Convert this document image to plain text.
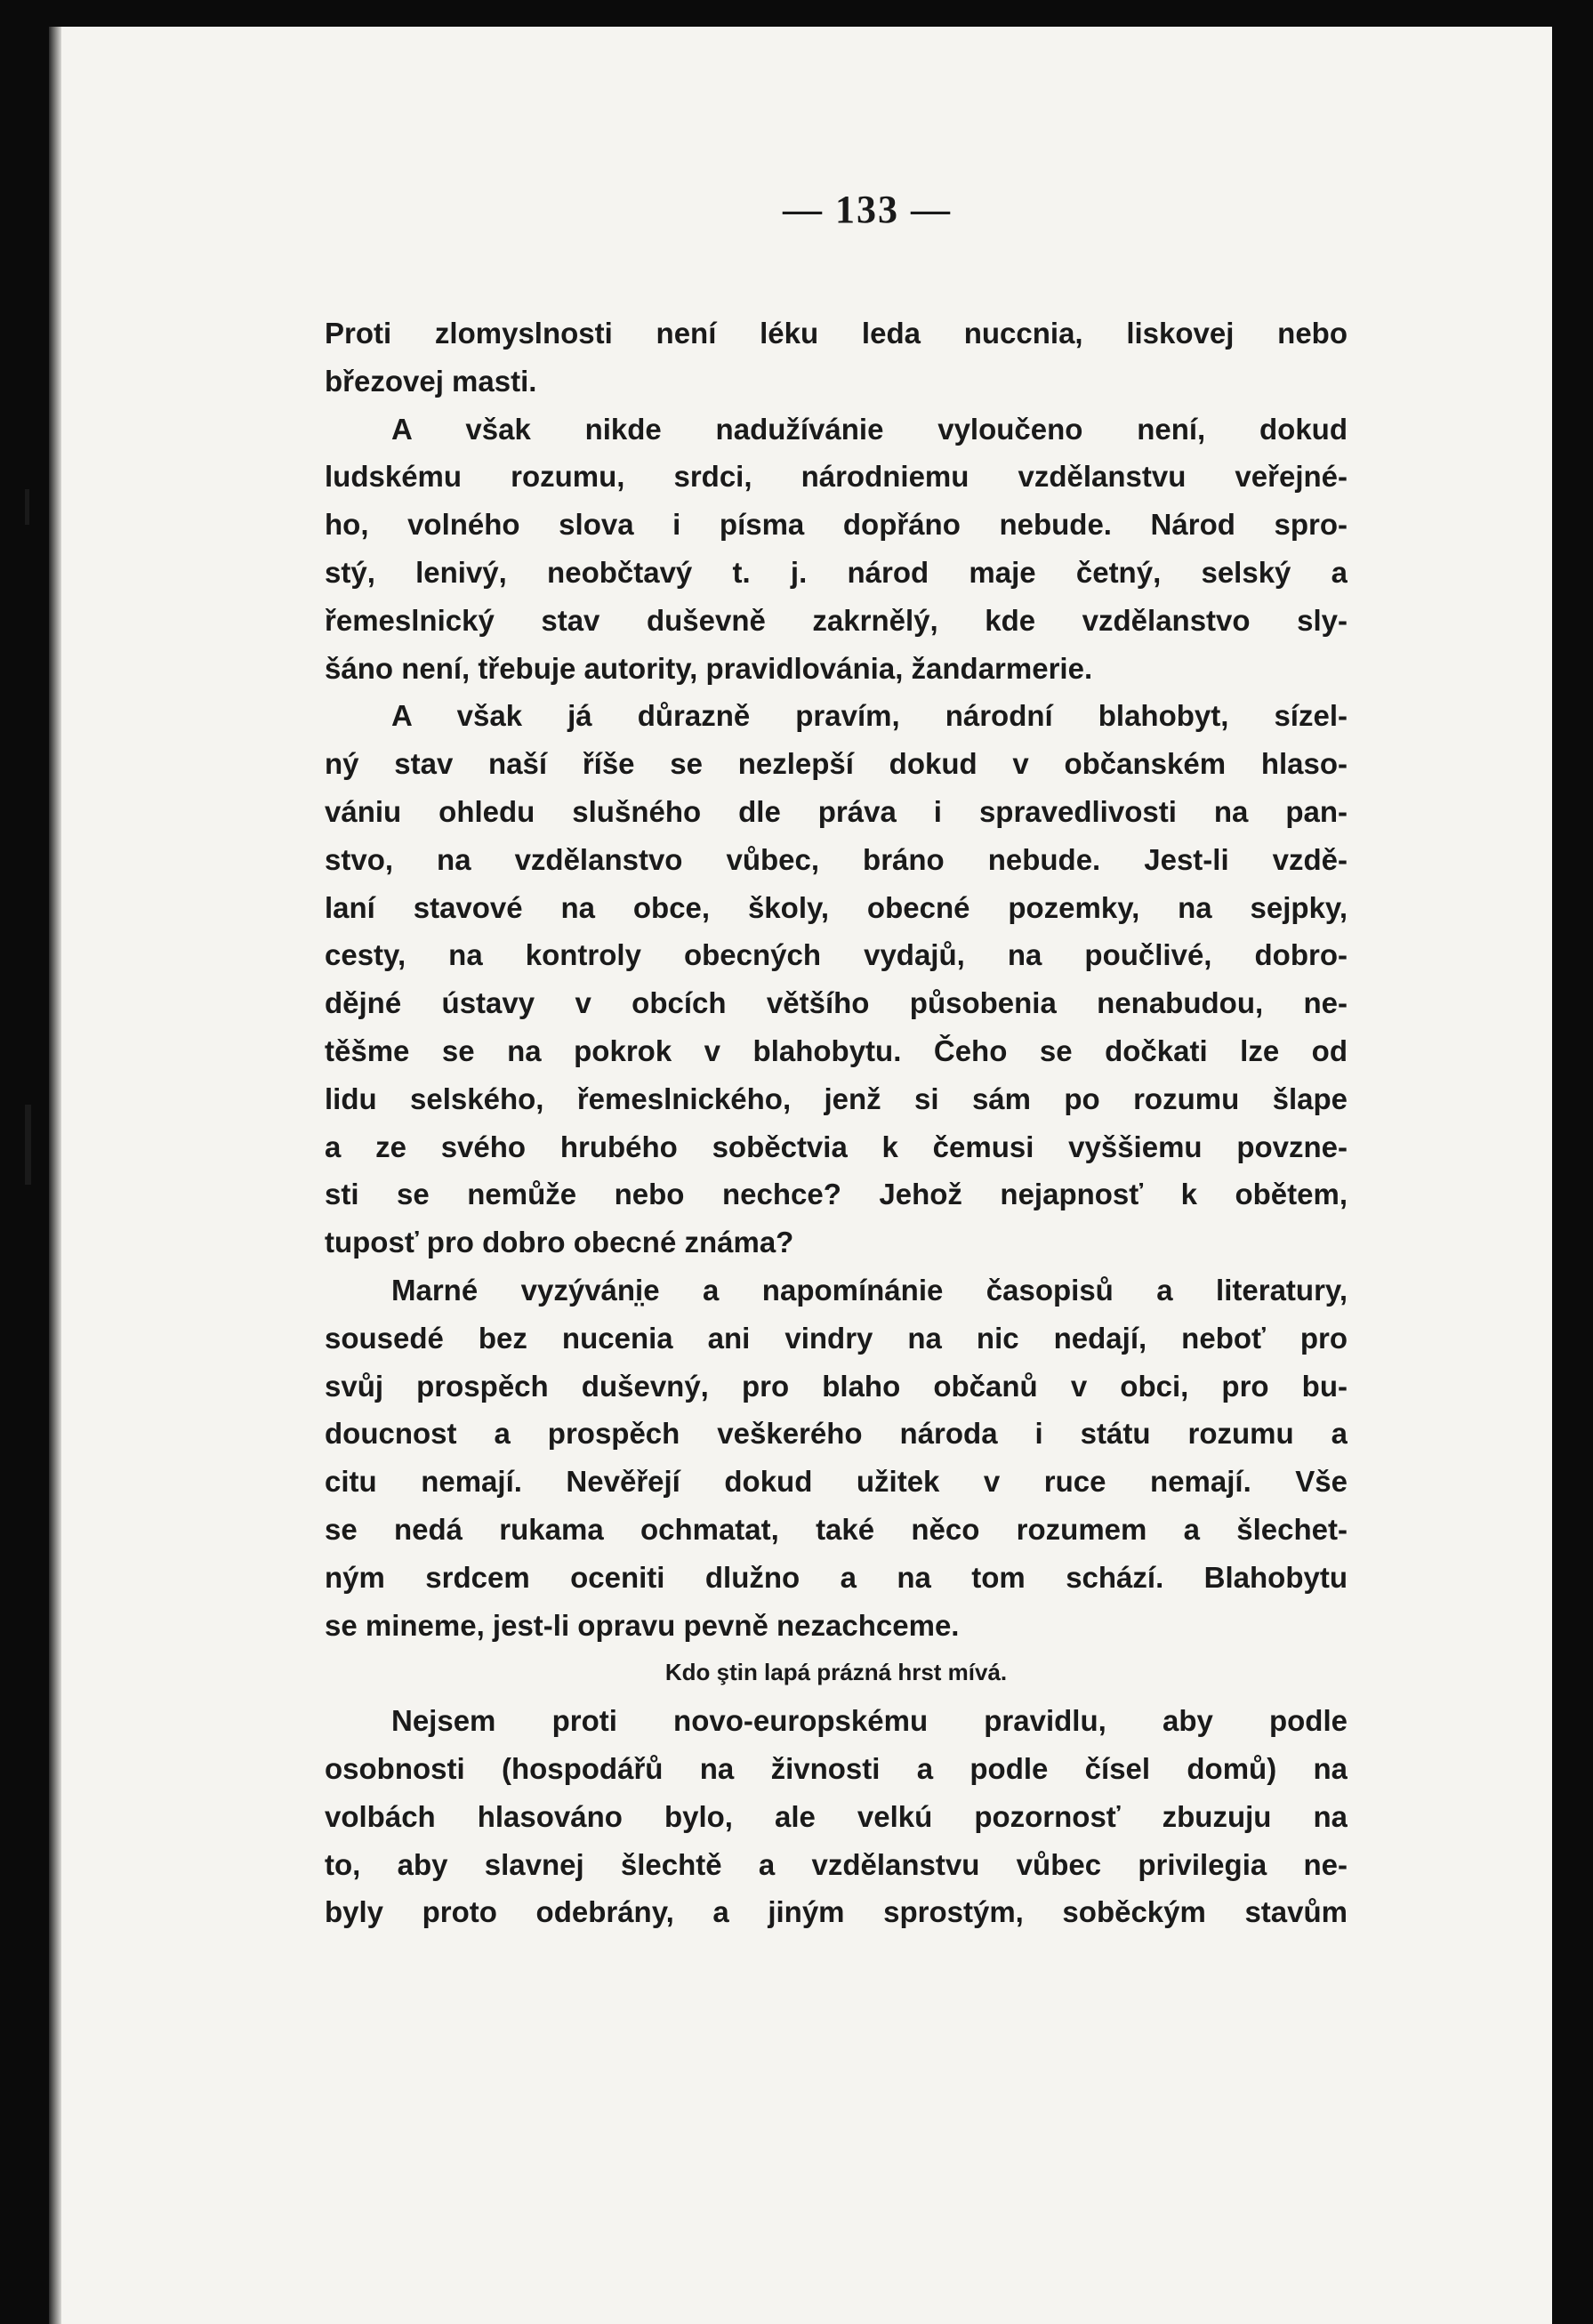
— 133 —
Proti zlomyslnosti není léku leda nuccnia, liskovej nebo
březovej masti.
A však nikde nadužívánie vyloučeno není, dokud
ludskému rozumu, srdci, národniemu vzdělanstvu veřejné-
ho, volného slova i písma dopřáno nebude. Národ spro-
stý, lenivý, neobčtavý t. j. národ maje četný, selský a
řemeslnický stav duševně zakrnělý, kde vzdělanstvo sly-
šáno není, třebuje autority, pravidlovánia, žandarmerie.
A však já důrazně pravím, národní blahobyt, sízel-
ný stav naší říše se nezlepší dokud v občanském hlaso-
vániu ohledu slušného dle práva i spravedlivosti na pan-
stvo, na vzdělanstvo vůbec, bráno nebude. Jest-li vzdě-
laní stavové na obce, školy, obecné pozemky, na sejpky,
cesty, na kontroly obecných vydajů, na poučlivé, dobro-
dějné ústavy v obcích většího působenia nenabudou, ne-
těšme se na pokrok v blahobytu. Čeho se dočkati lze od
lidu selského, řemeslnického, jenž si sám po rozumu šlape
a ze svého hrubého soběctvia k čemusi vyššiemu povzne-
sti se nemůže nebo nechce? Jehož nejapnosť k obětem,
tuposť pro dobro obecné známa?
Marné vyzýváni̤e a napomínánie časopisů a literatury,
sousedé bez nucenia ani vindry na nic nedají, neboť pro
svůj prospěch duševný, pro blaho občanů v obci, pro bu-
doucnost a prospěch veškerého národa i státu rozumu a
citu nemají. Nevěřejí dokud užitek v ruce nemají. Vše
se nedá rukama ochmatat, také něco rozumem a šlechet-
ným srdcem oceniti dlužno a na tom schází. Blahobytu
se mineme, jest-li opravu pevně nezachceme.
Kdo ştin lapá prázná hrst mívá.
Nejsem proti novo-europskému pravidlu, aby podle
osobnosti (hospodářů na živnosti a podle čísel domů) na
volbách hlasováno bylo, ale velkú pozornosť zbuzuju na
to, aby slavnej šlechtě a vzdělanstvu vůbec privilegia ne-
byly proto odebrány, a jiným sprostým, soběckým stavům
